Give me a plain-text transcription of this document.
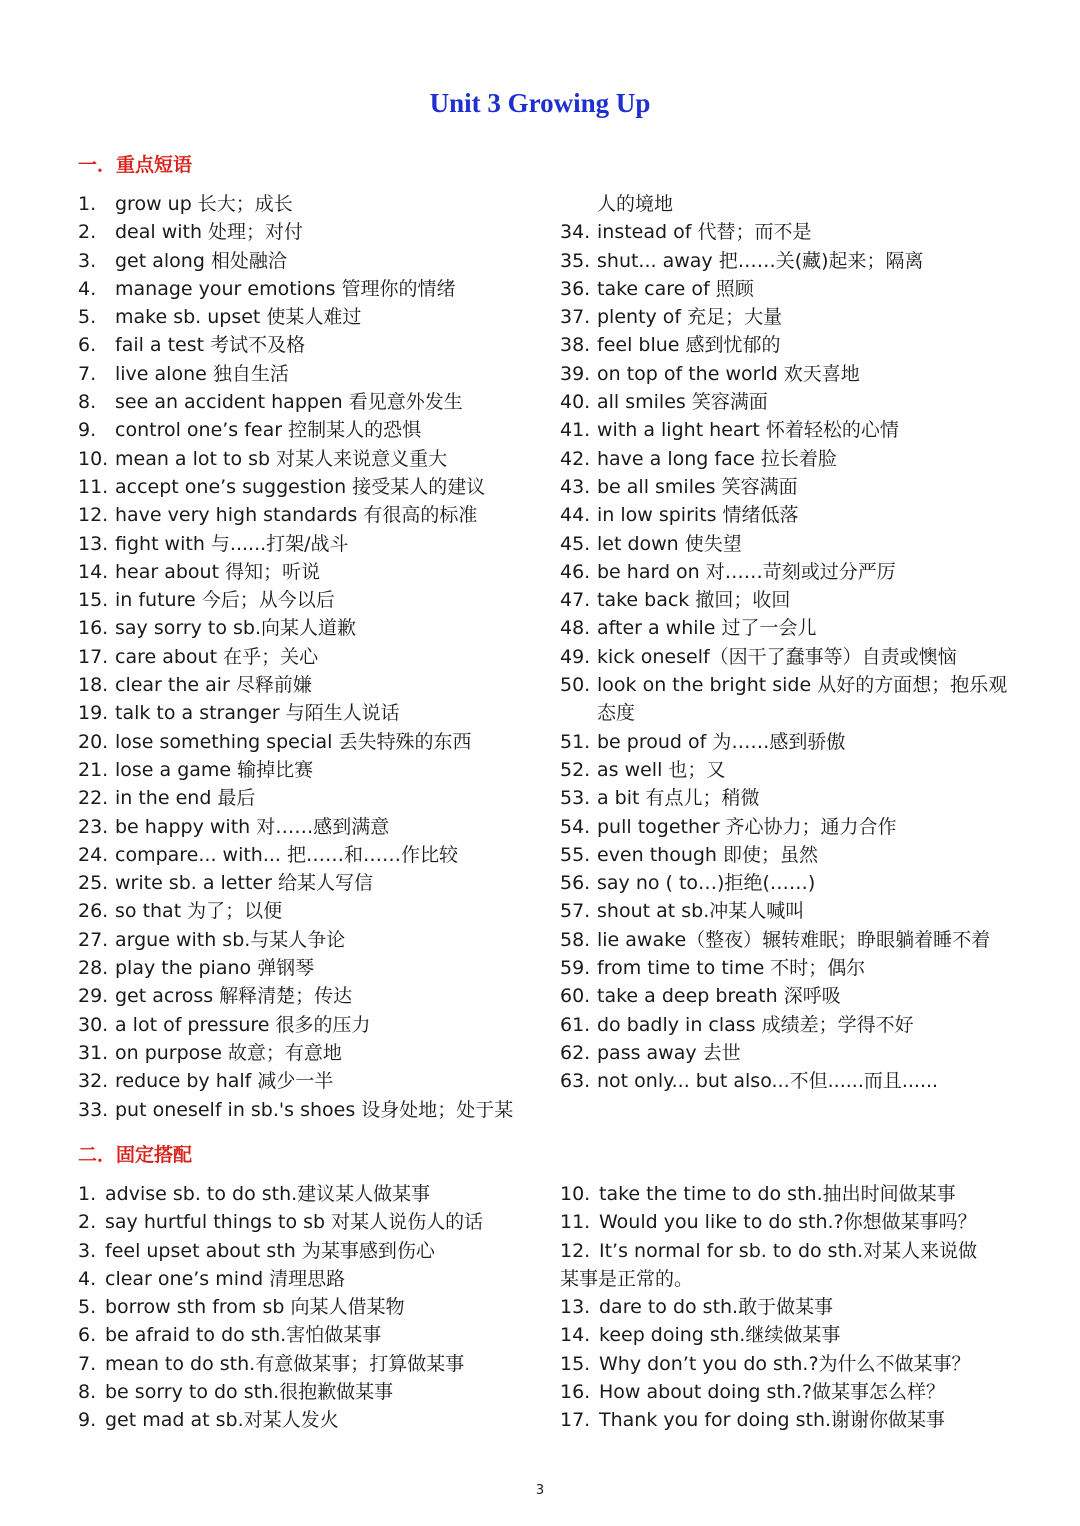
Unit 3 Growing Up
一．重点短语
1. grow up 长大；成长
2. deal with 处理；对付
3. get along 相处融洽
4. manage your emotions 管理你的情绪
5. make sb. upset 使某人难过
6. fail a test 考试不及格
7. live alone 独自生活
8. see an accident happen 看见意外发生
9. control one’s fear 控制某人的恐惧
10. mean a lot to sb 对某人来说意义重大
11. accept one’s suggestion 接受某人的建议
12. have very high standards 有很高的标准
13. fight with 与......打架/战斗
14. hear about 得知；听说
15. in future 今后；从今以后
16. say sorry to sb.向某人道歉
17. care about 在乎；关心
18. clear the air 尽释前嫌
19. talk to a stranger 与陌生人说话
20. lose something special 丢失特殊的东西
21. lose a game 输掉比赛
22. in the end 最后
23. be happy with 对……感到满意
24. compare... with... 把……和……作比较
25. write sb. a letter 给某人写信
26. so that 为了；以便
27. argue with sb.与某人争论
28. play the piano 弹钢琴
29. get across 解释清楚；传达
30. a lot of pressure 很多的压力
31. on purpose 故意；有意地
32. reduce by half 减少一半
33. put oneself in sb.'s shoes 设身处地；处于某
人的境地
34. instead of 代替；而不是
35. shut... away 把……关(藏)起来；隔离
36. take care of 照顾
37. plenty of 充足；大量
38. feel blue 感到忧郁的
39. on top of the world 欢天喜地
40. all smiles 笑容满面
41. with a light heart 怀着轻松的心情
42. have a long face 拉长着脸
43. be all smiles 笑容满面
44. in low spirits 情绪低落
45. let down 使失望
46. be hard on 对……苛刻或过分严厉
47. take back 撤回；收回
48. after a while 过了一会儿
49. kick oneself（因干了蠢事等）自责或懊恼
50. look on the bright side 从好的方面想；抱乐观态度
51. be proud of 为……感到骄傲
52. as well 也；又
53. a bit 有点儿；稍微
54. pull together 齐心协力；通力合作
55. even though 即使；虽然
56. say no ( to…)拒绝(……)
57. shout at sb.冲某人喊叫
58. lie awake（整夜）辗转难眠；睁眼躺着睡不着
59. from time to time 不时；偶尔
60. take a deep breath 深呼吸
61. do badly in class 成绩差；学得不好
62. pass away 去世
63. not only... but also...不但......而且......
二．固定搭配
1. advise sb. to do sth.建议某人做某事
2. say hurtful things to sb 对某人说伤人的话
3. feel upset about sth 为某事感到伤心
4. clear one’s mind 清理思路
5. borrow sth from sb 向某人借某物
6. be afraid to do sth.害怕做某事
7. mean to do sth.有意做某事；打算做某事
8. be sorry to do sth.很抱歉做某事
9. get mad at sb.对某人发火
10. take the time to do sth.抽出时间做某事
11. Would you like to do sth.?你想做某事吗？
12. It’s normal for sb. to do sth.对某人来说做
某事是正常的。
13. dare to do sth.敢于做某事
14. keep doing sth.继续做某事
15. Why don’t you do sth.?为什么不做某事？
16. How about doing sth.?做某事怎么样？
17. Thank you for doing sth.谢谢你做某事
3
